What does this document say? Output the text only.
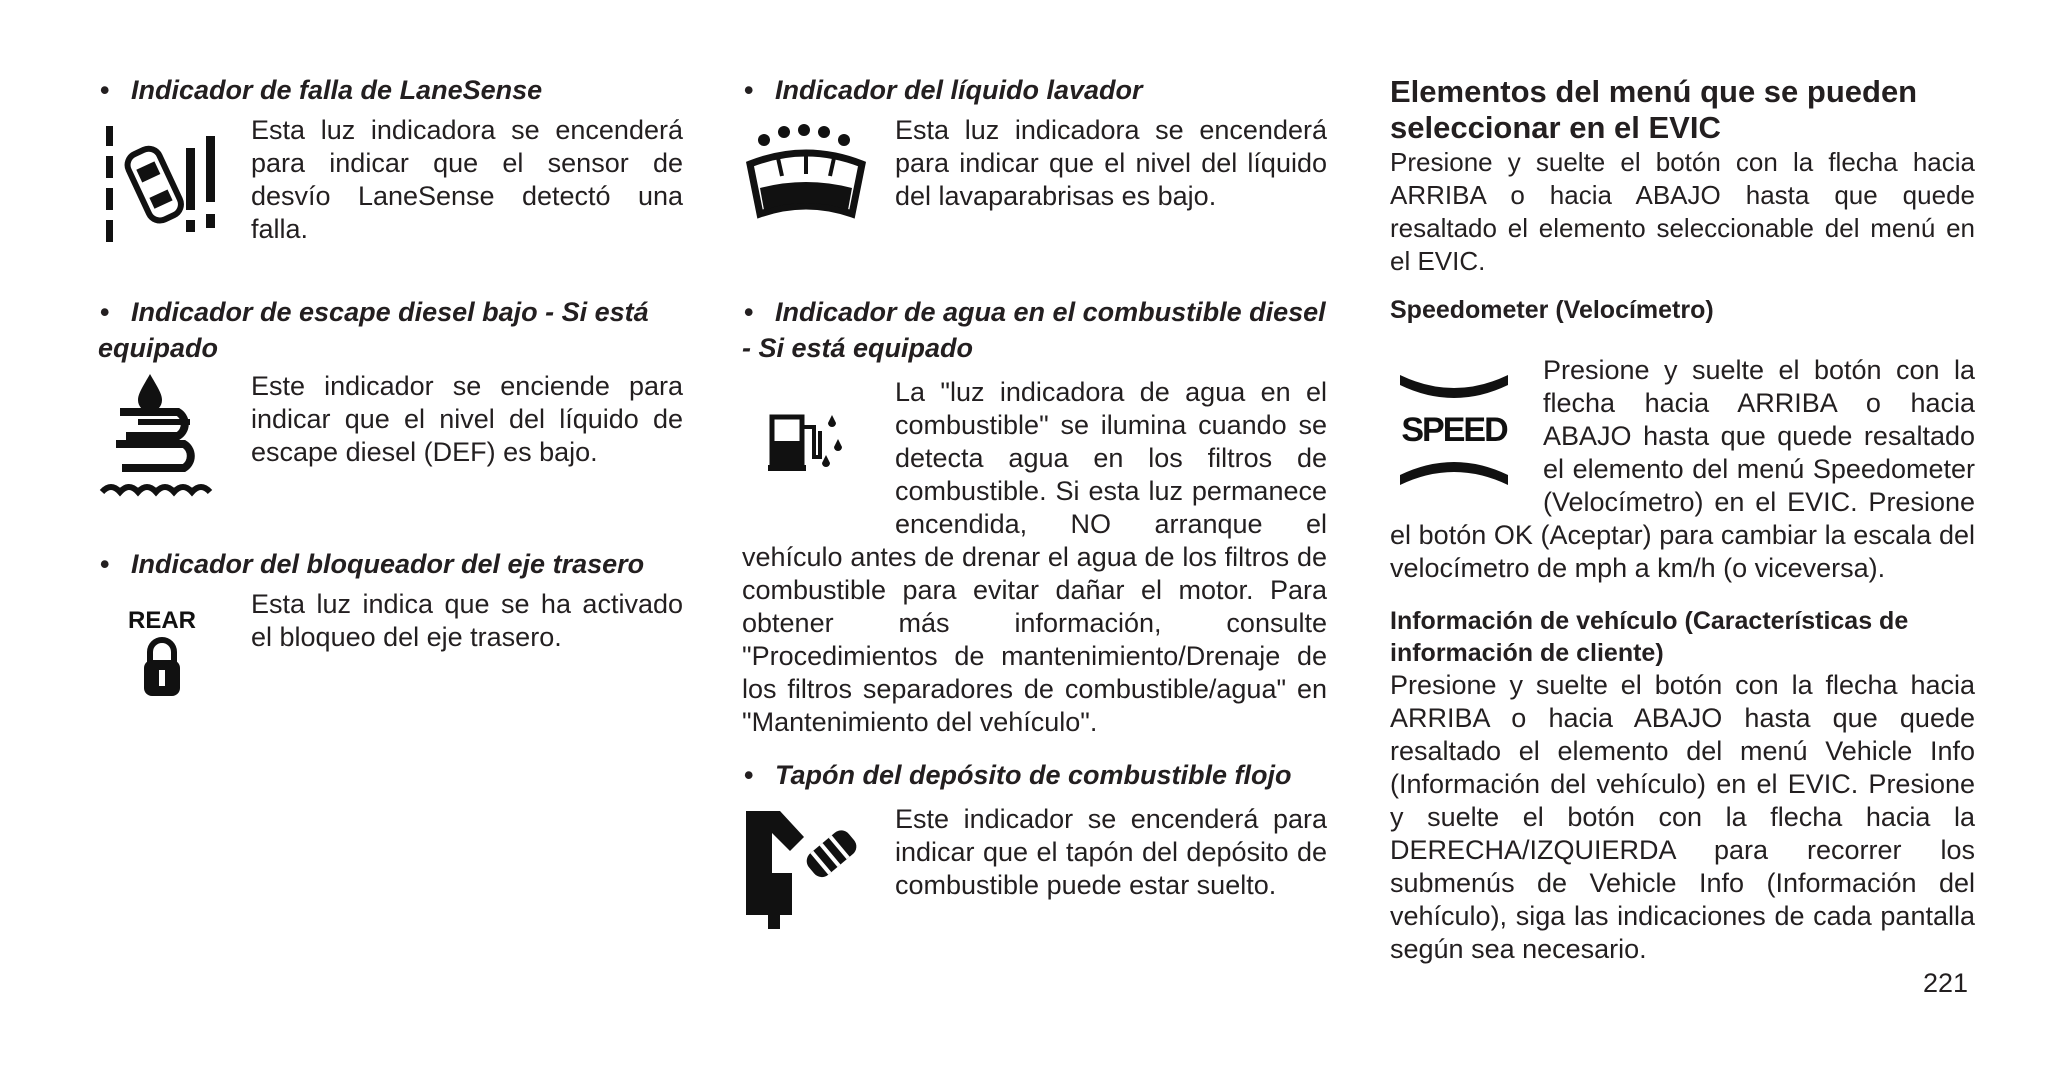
• Indicador de falla de LaneSense
Esta luz indicadora se encenderá para indicar que el sensor de desvío LaneSense detectó una falla.
• Indicador de escape diesel bajo - Si está equipado
Este indicador se enciende para indicar que el nivel del líquido de escape diesel (DEF) es bajo.
• Indicador del bloqueador del eje trasero
REAR
Esta luz indica que se ha activado el bloqueo del eje trasero.
• Indicador del líquido lavador
Esta luz indicadora se encenderá para indicar que el nivel del líquido del lavaparabrisas es bajo.
• Indicador de agua en el combustible diesel - Si está equipado
La "luz indicadora de agua en el combustible" se ilumina cuando se detecta agua en los filtros de combustible. Si esta luz permanece encendida, NO arranque el vehículo antes de drenar el agua de los filtros de combustible para evitar dañar el motor. Para obtener más información, consulte "Procedimientos de mantenimiento/Drenaje de los filtros separadores de combustible/agua" en "Mantenimiento del vehículo".
• Tapón del depósito de combustible flojo
Este indicador se encenderá para indicar que el tapón del depósito de combustible puede estar suelto.
Elementos del menú que se pueden seleccionar en el EVIC
Presione y suelte el botón con la flecha hacia ARRIBA o hacia ABAJO hasta que quede resaltado el elemento seleccionable del menú en el EVIC.
Speedometer (Velocímetro)
SPEED
Presione y suelte el botón con la flecha hacia ARRIBA o hacia ABAJO hasta que quede resaltado el elemento del menú Speedometer (Velocímetro) en el EVIC. Presione el botón OK (Aceptar) para cambiar la escala del velocímetro de mph a km/h (o viceversa).
Información de vehículo (Características de información de cliente)
Presione y suelte el botón con la flecha hacia ARRIBA o hacia ABAJO hasta que quede resaltado el elemento del menú Vehicle Info (Información del vehículo) en el EVIC. Presione y suelte el botón con la flecha hacia la DERECHA/IZQUIERDA para recorrer los submenús de Vehicle Info (Información del vehículo), siga las indicaciones de cada pantalla según sea necesario.
221
